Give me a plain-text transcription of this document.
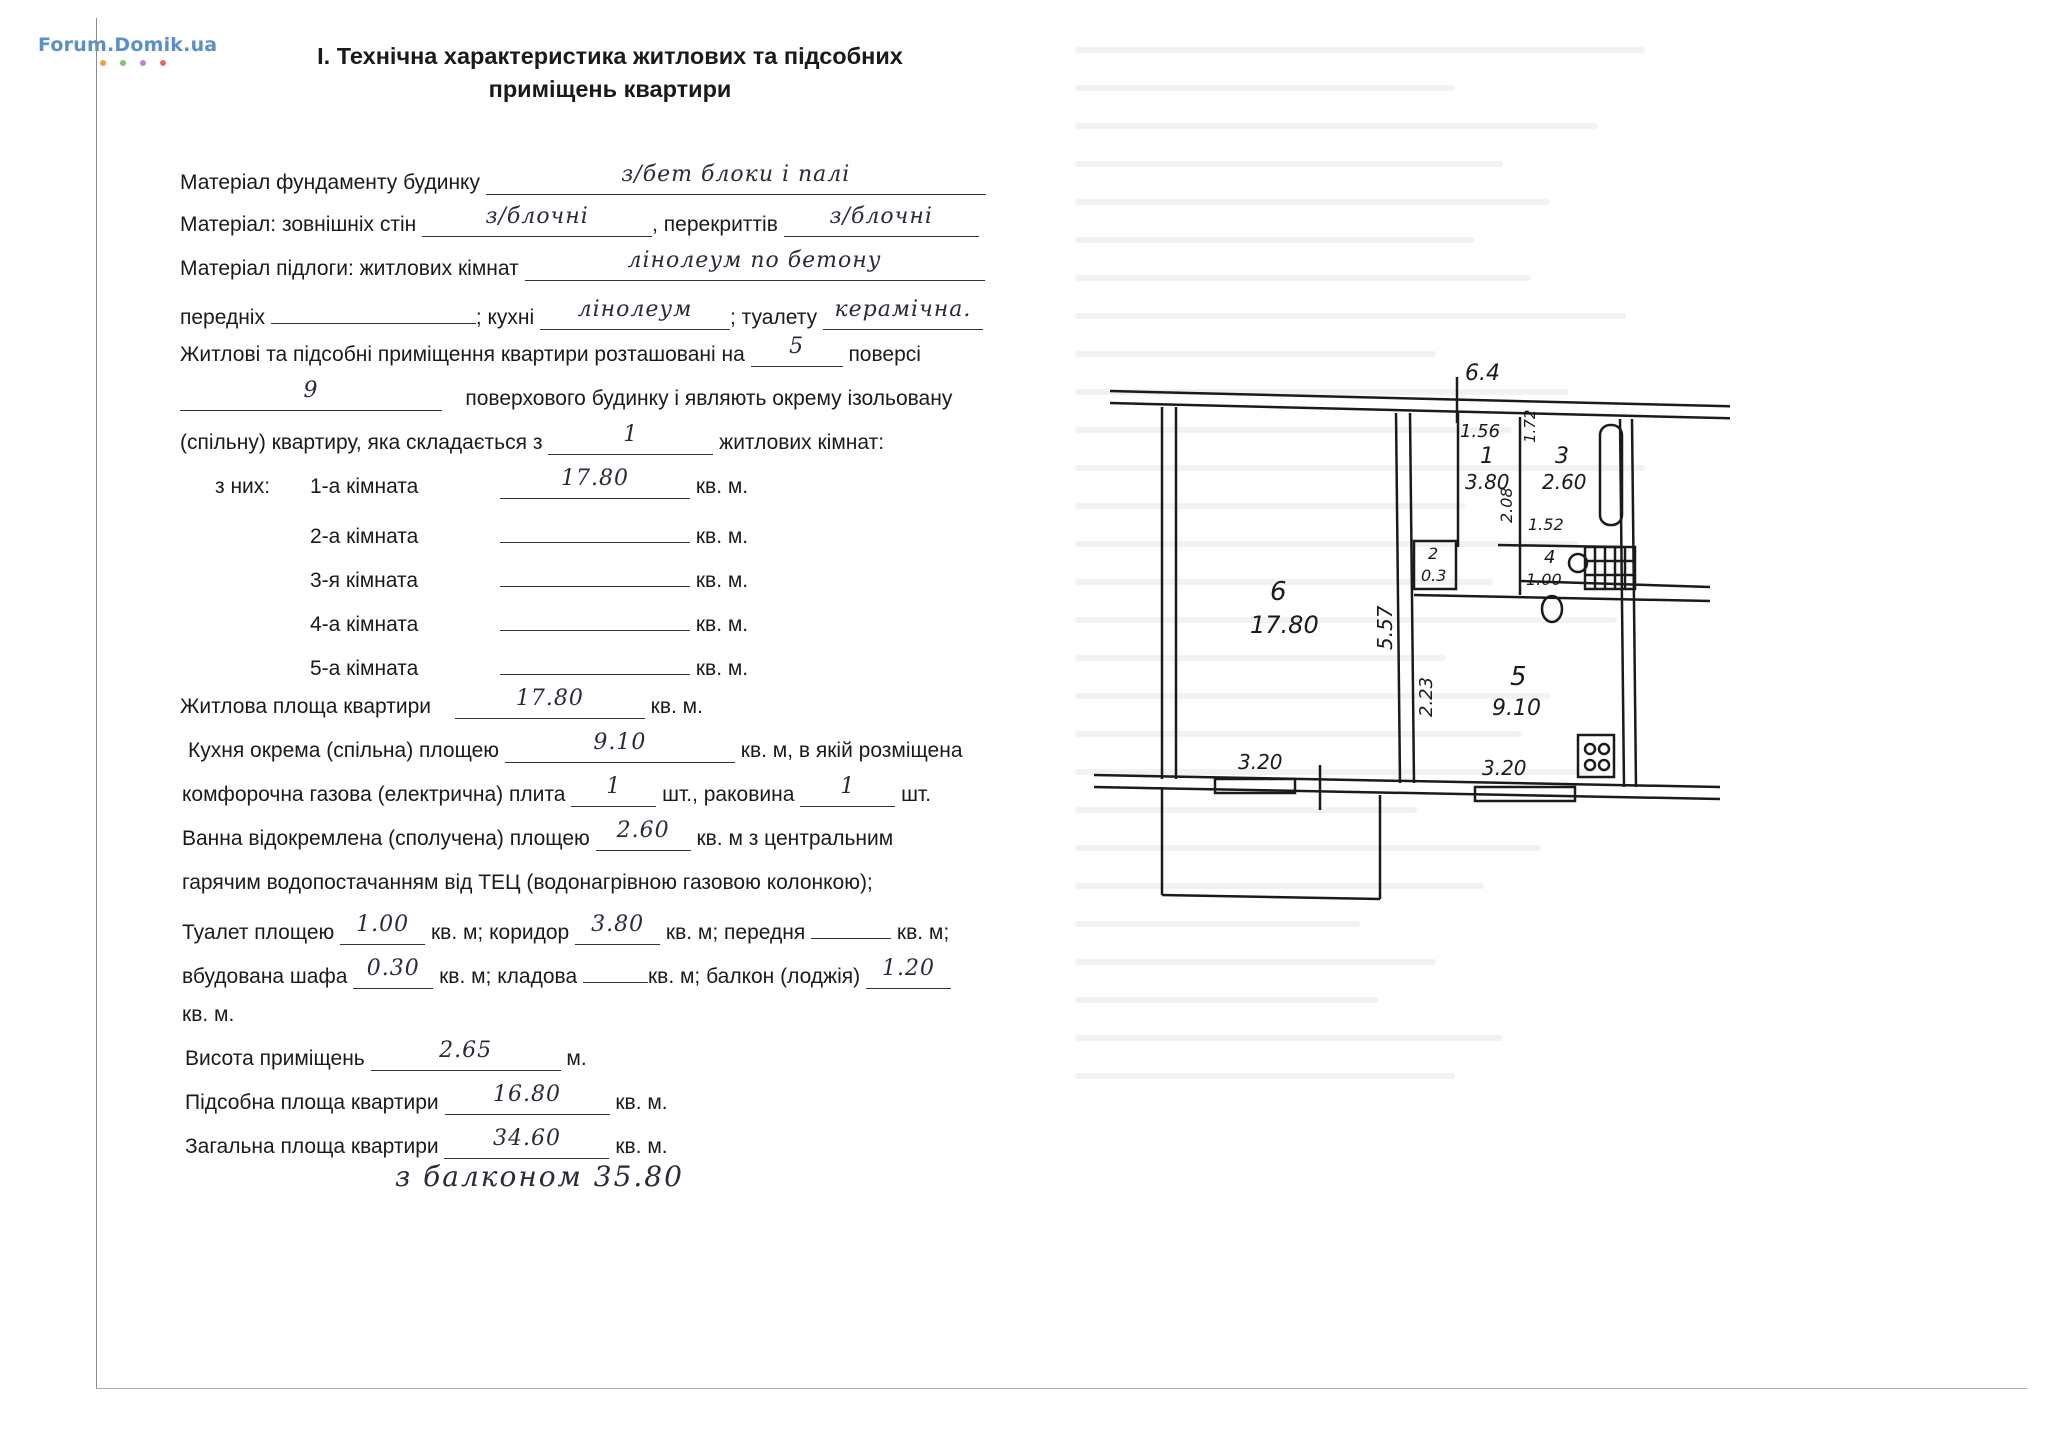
Forum.Domik.ua	І. Технічна характеристика житлових та підсобних
приміщень квартири
Матеріал фундаменту будинку	з/бет блоки і палі
Матеріал: зовнішніх стін	з/блочні	, перекриттів з/блочні
Матеріал підлоги: житлових кімнат	лінолеум по бетону
передніх	; кухні лінолеум ; туалету керамічна.
Житлові та підсобні приміщення квартири розташовані на 5 поверсі
9	поверхового будинку і являють окрему ізольовану
(спільну) квартиру, яка складається з	1	житлових кімнат:
з них: 1-а кімната	17.80	кв. м.
2-а кімната	кв. м.
3-я кімната	кв. м.
4-а кімната	кв. м.
5-а кімната	кв. м.
Житлова площа квартири	17.80	кв. м.
Кухня окрема (спільна) площею	9.10	кв. м, в якій розміщена
комфорочна газова (електрична) плита 1 шт., раковина 1 шт.
Ванна відокремлена (сполучена) площею 2.60 кв. м з центральним
гарячим водопостачанням від ТЕЦ (водонагрівною газовою колонкою);
Туалет площею 1.00 кв. м; коридор 3.80 кв. м; передня	кв. м;
вбудована шафа 0.30 кв. м; кладова	кв. м; балкон (лоджія) 1.20
кв. м.
Висота приміщень	2.65	м.
Підсобна площа квартири 16.80	кв. м.
Загальна площа квартири 34.60	кв. м.
з балконом 35.80
6.4
1.56 1.72
2.08
1.52
5.57
2.23
3.20	3.20
1
3.80
2
0.3
3
2.60
4
1.00
5
9.10
6
17.80
